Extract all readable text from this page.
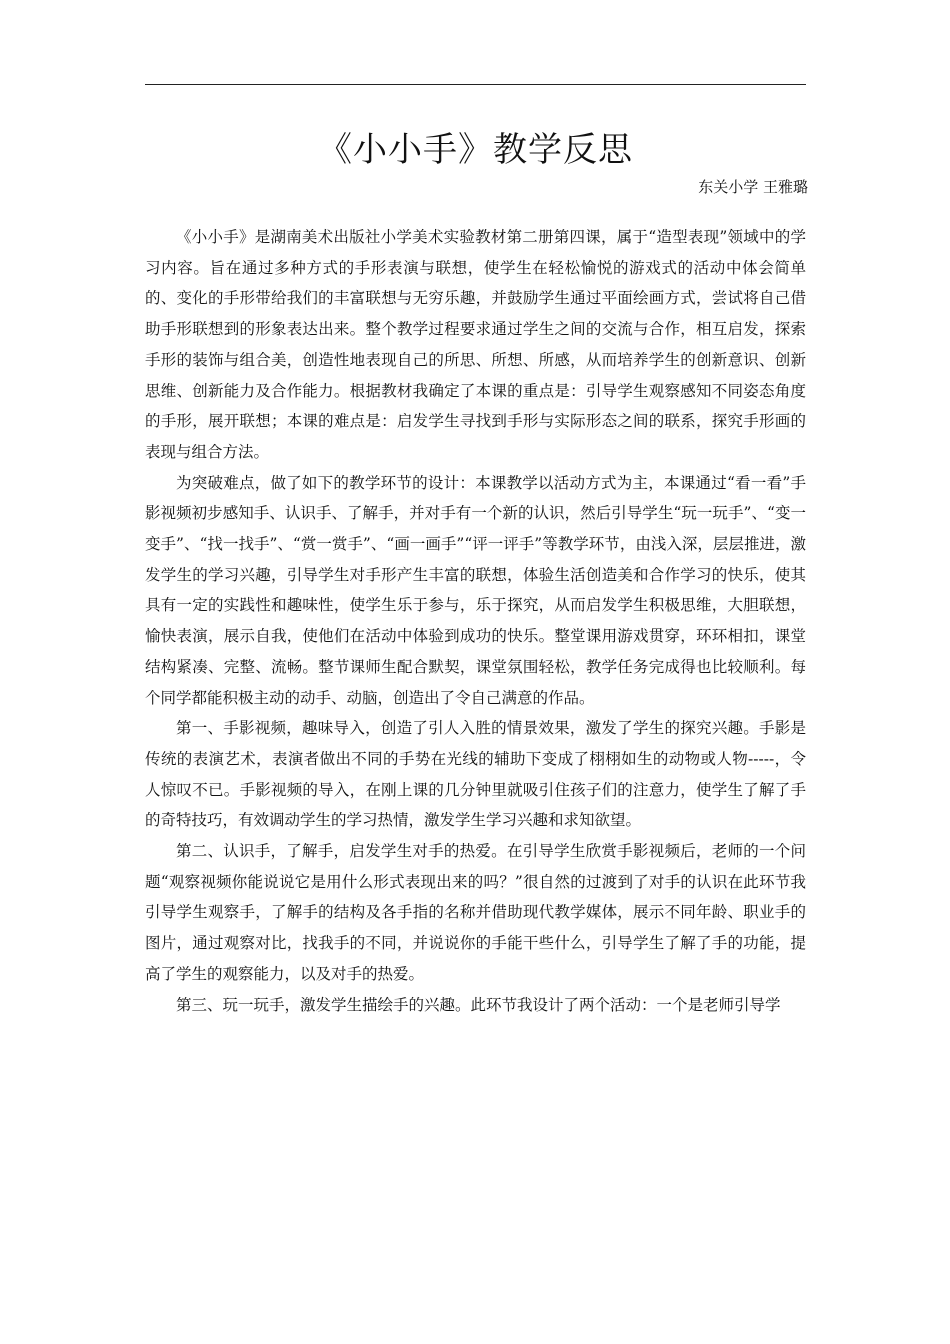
《小小手》教学反思
东关小学 王雅璐

《小小手》是湖南美术出版社小学美术实验教材第二册第四课，属于“造型表现”领域中的学习内容。旨在通过多种方式的手形表演与联想，使学生在轻松愉悦的游戏式的活动中体会简单的、变化的手形带给我们的丰富联想与无穷乐趣，并鼓励学生通过平面绘画方式，尝试将自己借助手形联想到的形象表达出来。整个教学过程要求通过学生之间的交流与合作，相互启发，探索手形的装饰与组合美，创造性地表现自己的所思、所想、所感，从而培养学生的创新意识、创新思维、创新能力及合作能力。根据教材我确定了本课的重点是：引导学生观察感知不同姿态角度的手形，展开联想；本课的难点是：启发学生寻找到手形与实际形态之间的联系，探究手形画的表现与组合方法。

为突破难点，做了如下的教学环节的设计：本课教学以活动方式为主，本课通过“看一看”手影视频初步感知手、认识手、了解手，并对手有一个新的认识，然后引导学生“玩一玩手”、“变一变手”、“找一找手”、“赏一赏手”、“画一画手”“评一评手”等教学环节，由浅入深，层层推进，激发学生的学习兴趣，引导学生对手形产生丰富的联想，体验生活创造美和合作学习的快乐，使其具有一定的实践性和趣味性，使学生乐于参与，乐于探究，从而启发学生积极思维，大胆联想，愉快表演，展示自我，使他们在活动中体验到成功的快乐。整堂课用游戏贯穿，环环相扣，课堂结构紧凑、完整、流畅。整节课师生配合默契，课堂氛围轻松，教学任务完成得也比较顺利。每个同学都能积极主动的动手、动脑，创造出了令自己满意的作品。

第一、手影视频，趣味导入，创造了引人入胜的情景效果，激发了学生的探究兴趣。手影是传统的表演艺术，表演者做出不同的手势在光线的辅助下变成了栩栩如生的动物或人物-----，令人惊叹不已。手影视频的导入，在刚上课的几分钟里就吸引住孩子们的注意力，使学生了解了手的奇特技巧，有效调动学生的学习热情，激发学生学习兴趣和求知欲望。

第二、认识手，了解手，启发学生对手的热爱。在引导学生欣赏手影视频后，老师的一个问题“观察视频你能说说它是用什么形式表现出来的吗？”很自然的过渡到了对手的认识在此环节我引导学生观察手，了解手的结构及各手指的名称并借助现代教学媒体，展示不同年龄、职业手的图片，通过观察对比，找我手的不同，并说说你的手能干些什么，引导学生了解了手的功能，提高了学生的观察能力，以及对手的热爱。

第三、玩一玩手，激发学生描绘手的兴趣。此环节我设计了两个活动：一个是老师引导学
